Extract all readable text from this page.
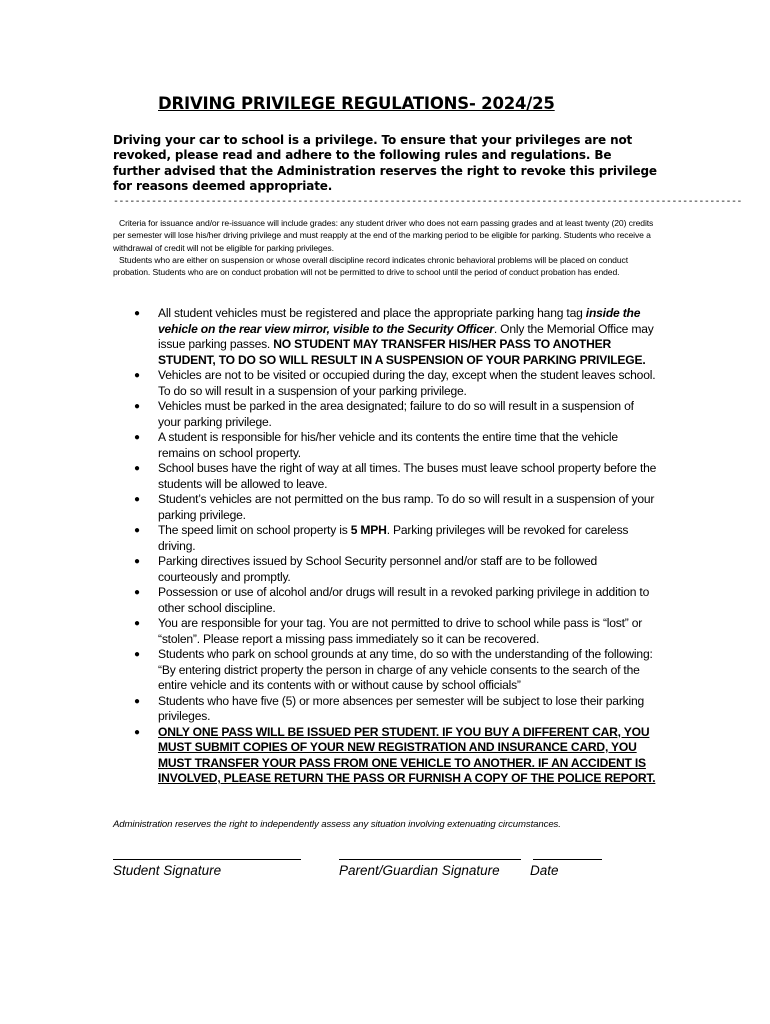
DRIVING PRIVILEGE REGULATIONS- 2024/25
Driving your car to school is a privilege. To ensure that your privileges are not revoked, please read and adhere to the following rules and regulations. Be further advised that the Administration reserves the right to revoke this privilege for reasons deemed appropriate.
--------------------------------------------------------------------------------------------------------------------

Criteria for issuance and/or re-issuance will include grades: any student driver who does not earn passing grades and at least twenty (20) credits per semester will lose his/her driving privilege and must reapply at the end of the marking period to be eligible for parking. Students who receive a withdrawal of credit will not be eligible for parking privileges.

Students who are either on suspension or whose overall discipline record indicates chronic behavioral problems will be placed on conduct probation. Students who are on conduct probation will not be permitted to drive to school until the period of conduct probation has ended.

● All student vehicles must be registered and place the appropriate parking hang tag inside the vehicle on the rear view mirror, visible to the Security Officer. Only the Memorial Office may issue parking passes. NO STUDENT MAY TRANSFER HIS/HER PASS TO ANOTHER STUDENT, TO DO SO WILL RESULT IN A SUSPENSION OF YOUR PARKING PRIVILEGE.
● Vehicles are not to be visited or occupied during the day, except when the student leaves school. To do so will result in a suspension of your parking privilege.
● Vehicles must be parked in the area designated; failure to do so will result in a suspension of your parking privilege.
● A student is responsible for his/her vehicle and its contents the entire time that the vehicle remains on school property.
● School buses have the right of way at all times. The buses must leave school property before the students will be allowed to leave.
● Student’s vehicles are not permitted on the bus ramp. To do so will result in a suspension of your parking privilege.
● The speed limit on school property is 5 MPH. Parking privileges will be revoked for careless driving.
● Parking directives issued by School Security personnel and/or staff are to be followed courteously and promptly.
● Possession or use of alcohol and/or drugs will result in a revoked parking privilege in addition to other school discipline.
● You are responsible for your tag. You are not permitted to drive to school while pass is “lost” or “stolen”. Please report a missing pass immediately so it can be recovered.
● Students who park on school grounds at any time, do so with the understanding of the following: “By entering district property the person in charge of any vehicle consents to the search of the entire vehicle and its contents with or without cause by school officials”
● Students who have five (5) or more absences per semester will be subject to lose their parking privileges.
● ONLY ONE PASS WILL BE ISSUED PER STUDENT. IF YOU BUY A DIFFERENT CAR, YOU MUST SUBMIT COPIES OF YOUR NEW REGISTRATION AND INSURANCE CARD, YOU MUST TRANSFER YOUR PASS FROM ONE VEHICLE TO ANOTHER. IF AN ACCIDENT IS INVOLVED, PLEASE RETURN THE PASS OR FURNISH A COPY OF THE POLICE REPORT.
Administration reserves the right to independently assess any situation involving extenuating circumstances.
Student Signature	Parent/Guardian Signature Date
